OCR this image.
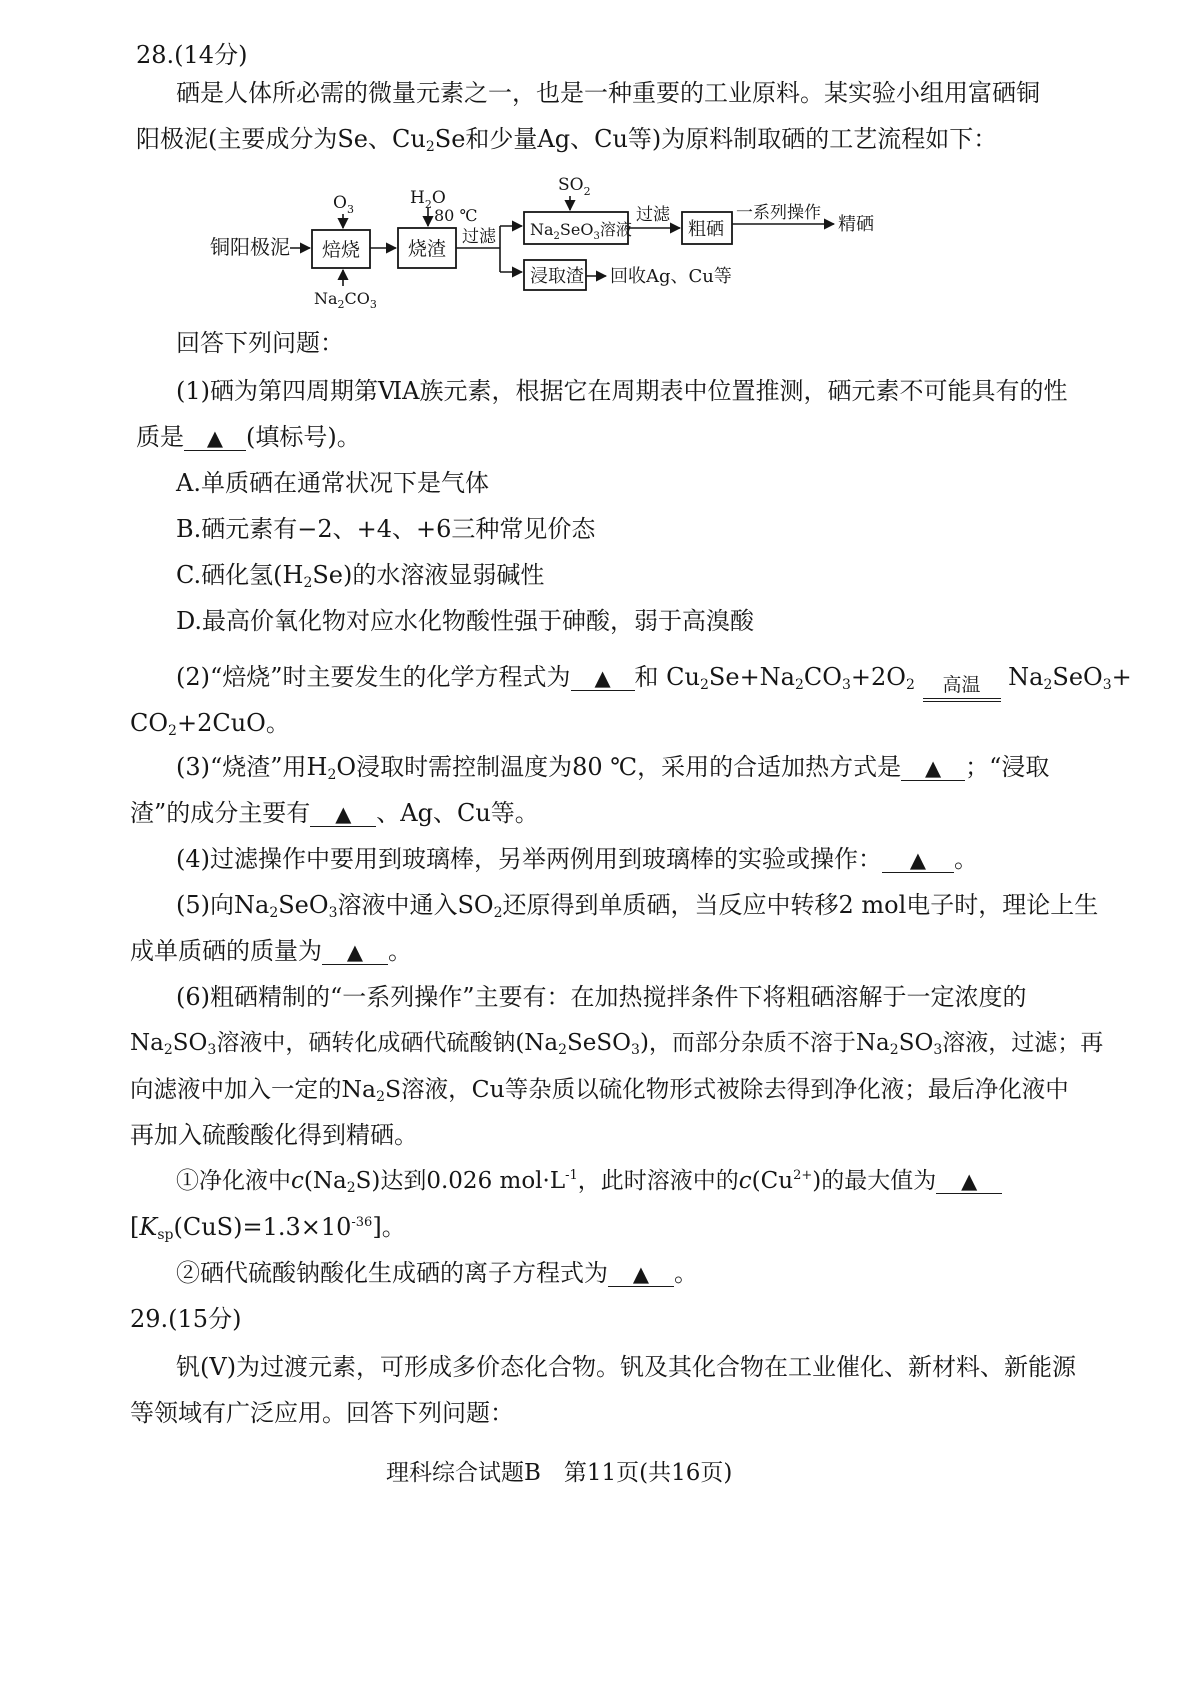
28.(14分)
硒是人体所必需的微量元素之一，也是一种重要的工业原料。某实验小组用富硒铜
阳极泥(主要成分为Se、$Cu_2Se$和少量Ag、Cu等)为原料制取硒的工艺流程如下：
铜阳极泥
$O_3$
焙烧
$Na_2CO_3$
$H_2O$
80 ℃
烧渣
过滤
$SO_2$
$Na_2SeO_3$溶液
过滤
粗硒
一系列操作
精硒
浸取渣 回收Ag、Cu等
回答下列问题：
(1)硒为第四周期第ⅥA族元素，根据它在周期表中位置推测，硒元素不可能具有的性
质是 ▲ (填标号)。
A.单质硒在通常状况下是气体
B.硒元素有−2、+4、+6三种常见价态
C.硒化氢$(H_2Se)$的水溶液显弱碱性
D.最高价氧化物对应水化物酸性强于砷酸，弱于高溴酸
(2)“焙烧”时主要发生的化学方程式为 ▲ 和 $Cu_2Se+Na_2CO_3+2O_2$	高温	$Na_2SeO_3+$
$CO_2+2CuO$。
(3)“烧渣”用$H_2O$浸取时需控制温度为80 ℃，采用的合适加热方式是 ▲ ；“浸取
渣”的成分主要有 ▲ 、Ag、Cu等。
(4)过滤操作中要用到玻璃棒，另举两例用到玻璃棒的实验或操作： ▲ 。
(5)向$Na_2SeO_3$溶液中通入$SO_2$还原得到单质硒，当反应中转移2 mol电子时，理论上生
成单质硒的质量为 ▲ 。
(6)粗硒精制的“一系列操作”主要有：在加热搅拌条件下将粗硒溶解于一定浓度的
$Na_2SO_3$溶液中，硒转化成硒代硫酸钠$(Na_2SeSO_3)$，而部分杂质不溶于$Na_2SO_3$溶液，过滤；再
向滤液中加入一定的$Na_2S$溶液，Cu等杂质以硫化物形式被除去得到净化液；最后净化液中
再加入硫酸酸化得到精硒。
①净化液中$c(Na_2S)$达到0.026 $mol\cdot L^{-1}$，此时溶液中的$c(Cu^{2+})$的最大值为 ▲
$[K_{sp}(CuS)=1.3\times 10^{-36}]$。
②硒代硫酸钠酸化生成硒的离子方程式为 ▲ 。
29.(15分)
钒(V)为过渡元素，可形成多价态化合物。钒及其化合物在工业催化、新材料、新能源
等领域有广泛应用。回答下列问题：
理科综合试题B　第11页(共16页)
